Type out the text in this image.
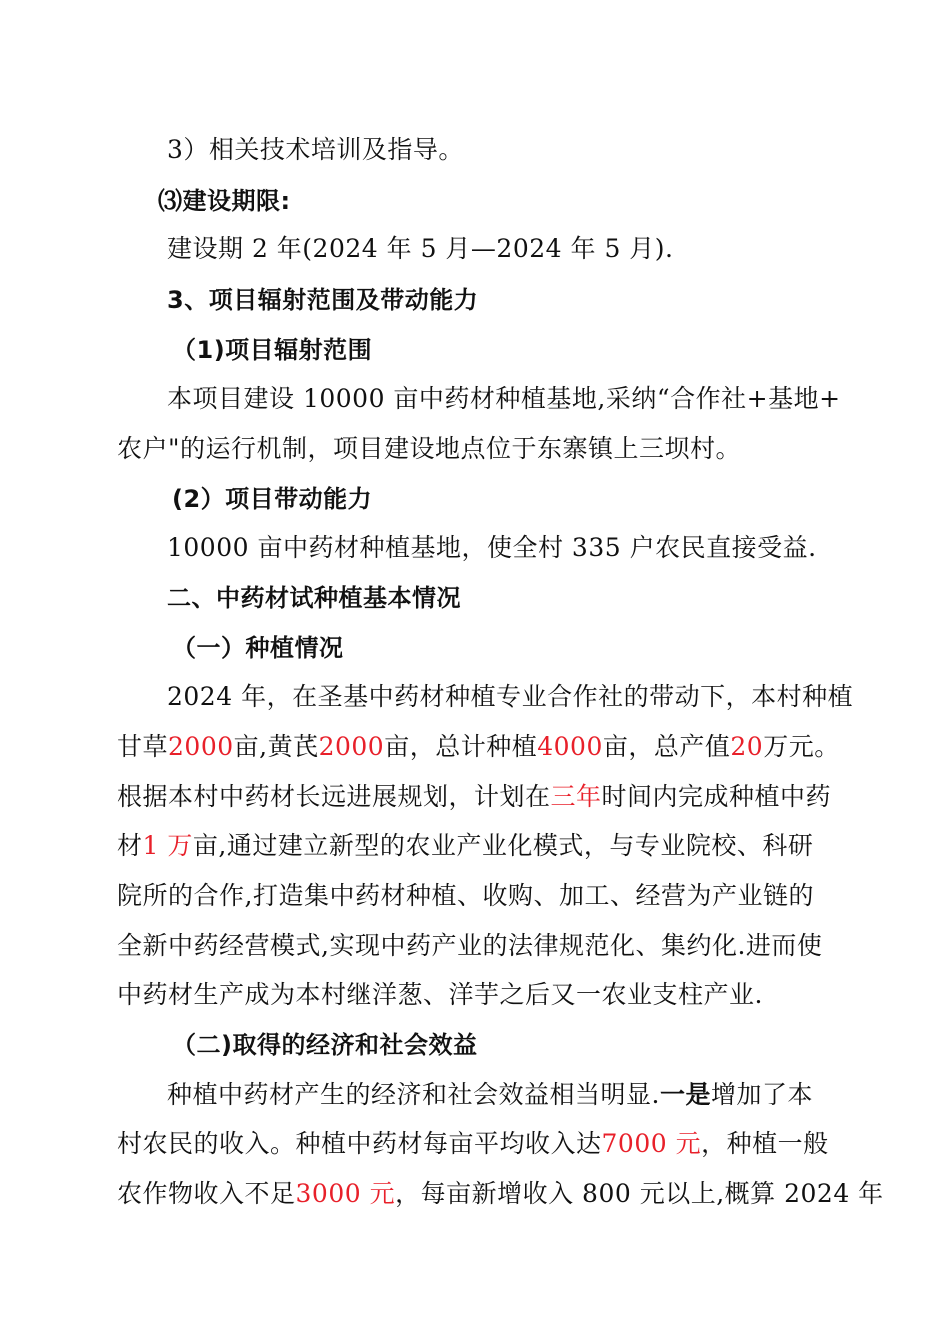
3）相关技术培训及指导。

⑶建设期限:

建设期 2 年(2024 年 5 月—2024 年 5 月).

3、项目辐射范围及带动能力

（1)项目辐射范围

本项目建设 10000 亩中药材种植基地,采纳“合作社+基地+

农户"的运行机制，项目建设地点位于东寨镇上三坝村。

(2）项目带动能力

10000 亩中药材种植基地，使全村 335 户农民直接受益.

二、中药材试种植基本情况

（一）种植情况

2024 年，在圣基中药材种植专业合作社的带动下，本村种植

甘草2000亩,黄芪2000亩，总计种植4000亩，总产值20万元。

根据本村中药材长远进展规划，计划在三年时间内完成种植中药

材1 万亩,通过建立新型的农业产业化模式，与专业院校、科研

院所的合作,打造集中药材种植、收购、加工、经营为产业链的

全新中药经营模式,实现中药产业的法律规范化、集约化.进而使

中药材生产成为本村继洋葱、洋芋之后又一农业支柱产业.

（二)取得的经济和社会效益

种植中药材产生的经济和社会效益相当明显.一是增加了本

村农民的收入。种植中药材每亩平均收入达7000 元，种植一般

农作物收入不足3000 元，每亩新增收入 800 元以上,概算 2024 年
